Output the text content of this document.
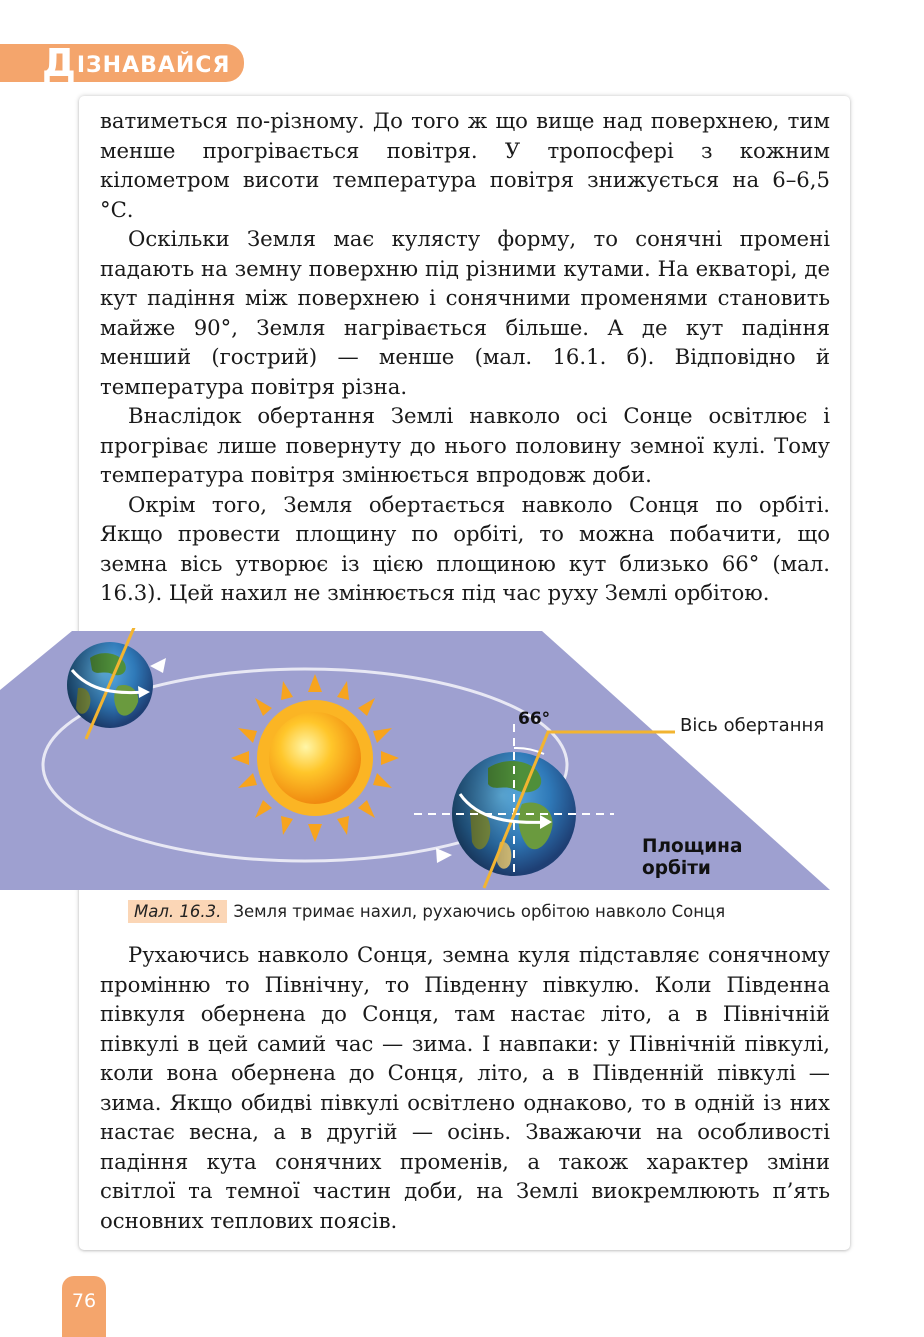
ДІЗНАВАЙСЯ

ватиметься по-різному. До того ж що вище над поверхнею, тим менше прогрівається повітря. У тропосфері з кожним кілометром висоти температура повітря знижується на 6–6,5 °С.

Оскільки Земля має кулясту форму, то сонячні промені падають на земну поверхню під різними кутами. На екваторі, де кут падіння між поверхнею і сонячними променями становить майже 90°, Земля нагрівається більше. А де кут падіння менший (гострий) — менше (мал. 16.1. б). Відповідно й температура повітря різна.

Внаслідок обертання Землі навколо осі Сонце освітлює і прогріває лише повернуту до нього половину земної кулі. Тому температура повітря змінюється впродовж доби.

Окрім того, Земля обертається навколо Сонця по орбіті. Якщо провести площину по орбіті, то можна побачити, що земна вісь утворює із цією площиною кут близько 66° (мал. 16.3). Цей нахил не змінюється під час руху Землі орбітою.

66°	Вісь обертання
Площина
орбіти
Мал. 16.3. Земля тримає нахил, рухаючись орбітою навколо Сонця

Рухаючись навколо Сонця, земна куля підставляє сонячному промінню то Північну, то Південну півкулю. Коли Південна півкуля обернена до Сонця, там настає літо, а в Північній півкулі в цей самий час — зима. І навпаки: у Північній півкулі, коли вона обернена до Сонця, літо, а в Південній півкулі — зима. Якщо обидві півкулі освітлено однаково, то в одній із них настає весна, а в другій — осінь. Зважаючи на особливості падіння кута сонячних променів, а також характер зміни світлої та темної частин доби, на Землі виокремлюють п’ять основних теплових поясів.

76
